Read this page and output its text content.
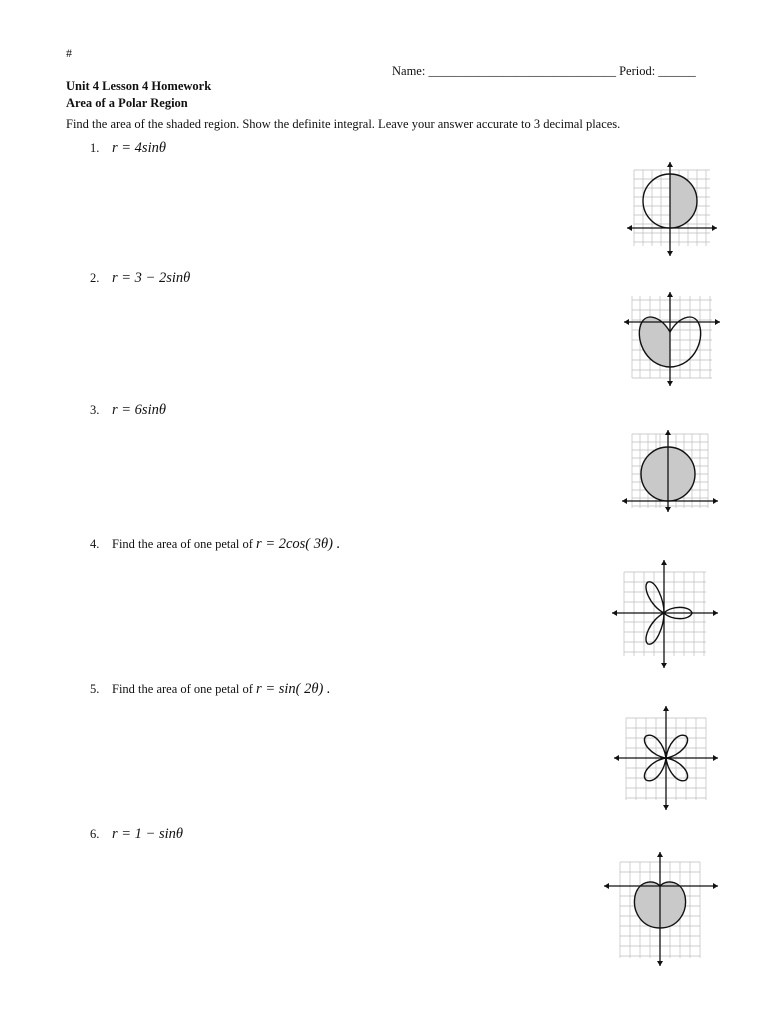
#
Name: ______________________________ Period: ______
Unit 4 Lesson 4 Homework
Area of a Polar Region
Find the area of the shaded region. Show the definite integral. Leave your answer accurate to 3 decimal places.
1. r = 4sinθ
2. r = 3 − 2sinθ
3. r = 6sinθ
4. Find the area of one petal of r = 2cos( 3θ) .
5. Find the area of one petal of r = sin( 2θ) .
6. r = 1 − sinθ
